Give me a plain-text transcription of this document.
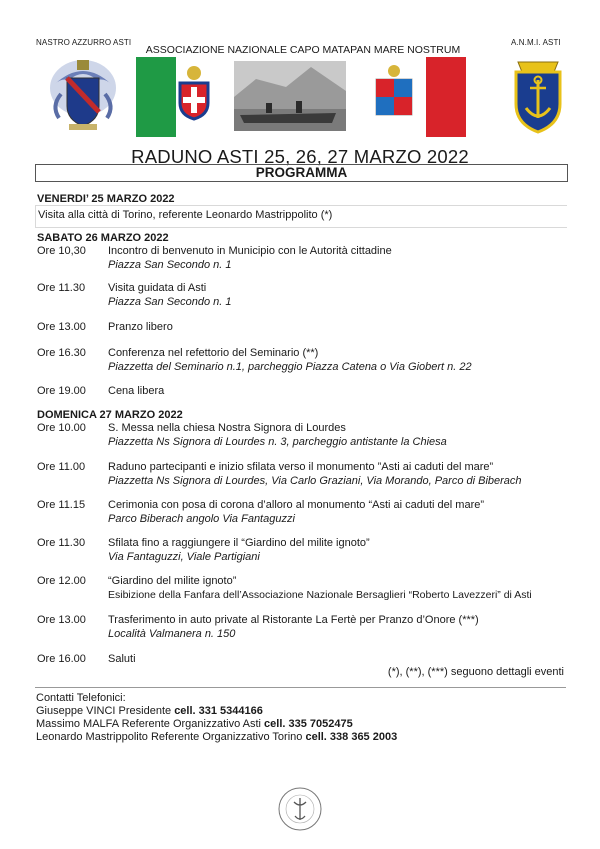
NASTRO AZZURRO ASTI	A.N.M.I. ASTI
ASSOCIAZIONE NAZIONALE CAPO MATAPAN MARE NOSTRUM
RADUNO ASTI 25, 26, 27 MARZO 2022
PROGRAMMA
VENERDI’ 25 MARZO 2022
Visita alla città di Torino, referente Leonardo Mastrippolito (*)
SABATO 26 MARZO 2022
Ore 10,30	Incontro di benvenuto in Municipio con le Autorità cittadine
Piazza San Secondo n. 1
Ore 11.30	Visita guidata di Asti
Piazza San Secondo n. 1
Ore 13.00	Pranzo libero
Ore 16.30	Conferenza nel refettorio del Seminario (**)
Piazzetta del Seminario n.1, parcheggio Piazza Catena o Via Giobert n. 22
Ore 19.00	Cena libera
DOMENICA 27 MARZO 2022
Ore 10.00	S. Messa nella chiesa Nostra Signora di Lourdes
Piazzetta Ns Signora di Lourdes n. 3, parcheggio antistante la Chiesa
Ore 11.00	Raduno partecipanti e inizio sfilata verso il monumento ”Asti ai caduti del mare”
Piazzetta Ns Signora di Lourdes, Via Carlo Graziani, Via Morando, Parco di Biberach
Ore 11.15	Cerimonia con posa di corona d’alloro al monumento “Asti ai caduti del mare”
Parco Biberach angolo Via Fantaguzzi
Ore 11.30	Sfilata fino a raggiungere il “Giardino del milite ignoto”
Via Fantaguzzi, Viale Partigiani
Ore 12.00	“Giardino del milite ignoto”
Esibizione della Fanfara dell’Associazione Nazionale Bersaglieri “Roberto Lavezzeri” di Asti
Ore 13.00	Trasferimento in auto private al Ristorante La Fertè per Pranzo d’Onore (***)
Località Valmanera n. 150
Ore 16.00	Saluti
(*), (**), (***) seguono dettagli eventi
Contatti Telefonici:
Giuseppe VINCI Presidente cell. 331 5344166
Massimo MALFA Referente Organizzativo Asti cell. 335 7052475
Leonardo Mastrippolito Referente Organizzativo Torino cell. 338 365 2003
